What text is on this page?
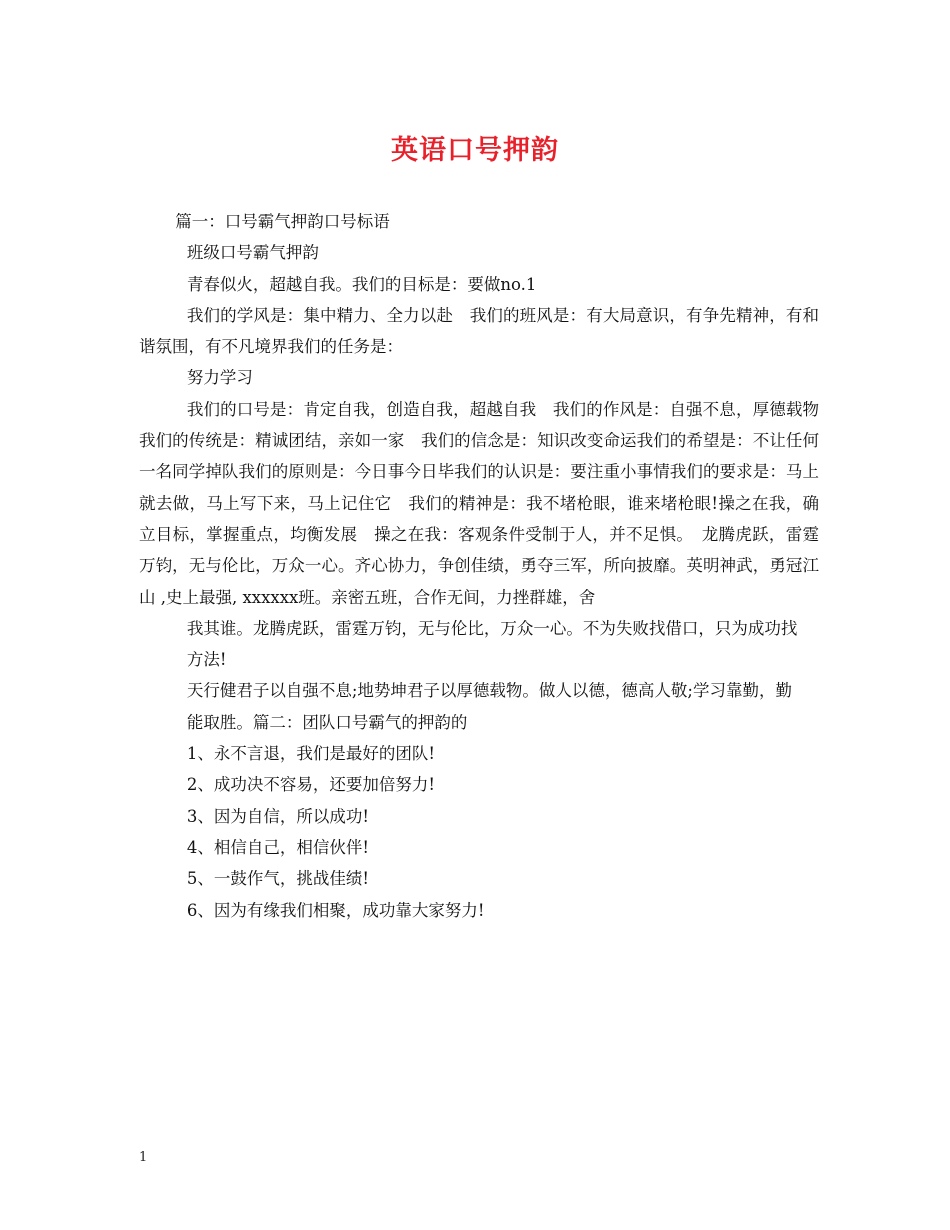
英语口号押韵

篇一：口号霸气押韵口号标语

班级口号霸气押韵

青春似火，超越自我。我们的目标是：要做no.1

我们的学风是：集中精力、全力以赴　我们的班风是：有大局意识，有争先精神，有和谐氛围，有不凡境界我们的任务是：

努力学习

我们的口号是：肯定自我，创造自我，超越自我　我们的作风是：自强不息，厚德载物　我们的传统是：精诚团结，亲如一家　我们的信念是：知识改变命运我们的希望是：不让任何一名同学掉队我们的原则是：今日事今日毕我们的认识是：要注重小事情我们的要求是：马上就去做，马上写下来，马上记住它　我们的精神是：我不堵枪眼，谁来堵枪眼!操之在我，确立目标，掌握重点，均衡发展　操之在我：客观条件受制于人，并不足惧。　龙腾虎跃，雷霆万钧，无与伦比，万众一心。齐心协力，争创佳绩，勇夺三军，所向披靡。英明神武，勇冠江山 ,史上最强, xxxxxx班。亲密五班，合作无间，力挫群雄，舍

我其谁。龙腾虎跃，雷霆万钧，无与伦比，万众一心。不为失败找借口，只为成功找

方法!

天行健君子以自强不息;地势坤君子以厚德载物。做人以德，德高人敬;学习靠勤，勤

能取胜。篇二：团队口号霸气的押韵的

1、永不言退，我们是最好的团队!

2、成功决不容易，还要加倍努力!

3、因为自信，所以成功!

4、相信自己，相信伙伴!

5、一鼓作气，挑战佳绩!

6、因为有缘我们相聚，成功靠大家努力!

1
